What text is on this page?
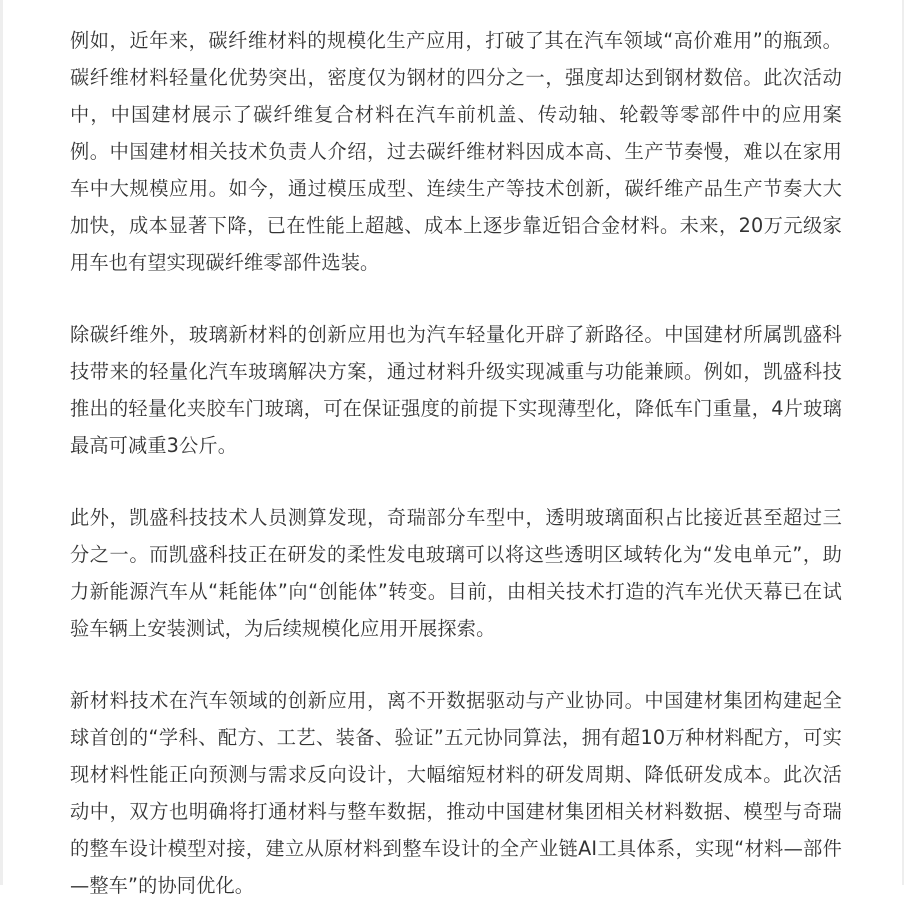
例如，近年来，碳纤维材料的规模化生产应用，打破了其在汽车领域“高价难用”的瓶颈。碳纤维材料轻量化优势突出，密度仅为钢材的四分之一，强度却达到钢材数倍。此次活动中，中国建材展示了碳纤维复合材料在汽车前机盖、传动轴、轮毂等零部件中的应用案例。中国建材相关技术负责人介绍，过去碳纤维材料因成本高、生产节奏慢，难以在家用车中大规模应用。如今，通过模压成型、连续生产等技术创新，碳纤维产品生产节奏大大加快，成本显著下降，已在性能上超越、成本上逐步靠近铝合金材料。未来，20万元级家用车也有望实现碳纤维零部件选装。

除碳纤维外，玻璃新材料的创新应用也为汽车轻量化开辟了新路径。中国建材所属凯盛科技带来的轻量化汽车玻璃解决方案，通过材料升级实现减重与功能兼顾。例如，凯盛科技推出的轻量化夹胶车门玻璃，可在保证强度的前提下实现薄型化，降低车门重量，4片玻璃最高可减重3公斤。

此外，凯盛科技技术人员测算发现，奇瑞部分车型中，透明玻璃面积占比接近甚至超过三分之一。而凯盛科技正在研发的柔性发电玻璃可以将这些透明区域转化为“发电单元”，助力新能源汽车从“耗能体”向“创能体”转变。目前，由相关技术打造的汽车光伏天幕已在试验车辆上安装测试，为后续规模化应用开展探索。

新材料技术在汽车领域的创新应用，离不开数据驱动与产业协同。中国建材集团构建起全球首创的“学科、配方、工艺、装备、验证”五元协同算法，拥有超10万种材料配方，可实现材料性能正向预测与需求反向设计，大幅缩短材料的研发周期、降低研发成本。此次活动中，双方也明确将打通材料与整车数据，推动中国建材集团相关材料数据、模型与奇瑞的整车设计模型对接，建立从原材料到整车设计的全产业链AI工具体系，实现“材料—部件—整车”的协同优化。
